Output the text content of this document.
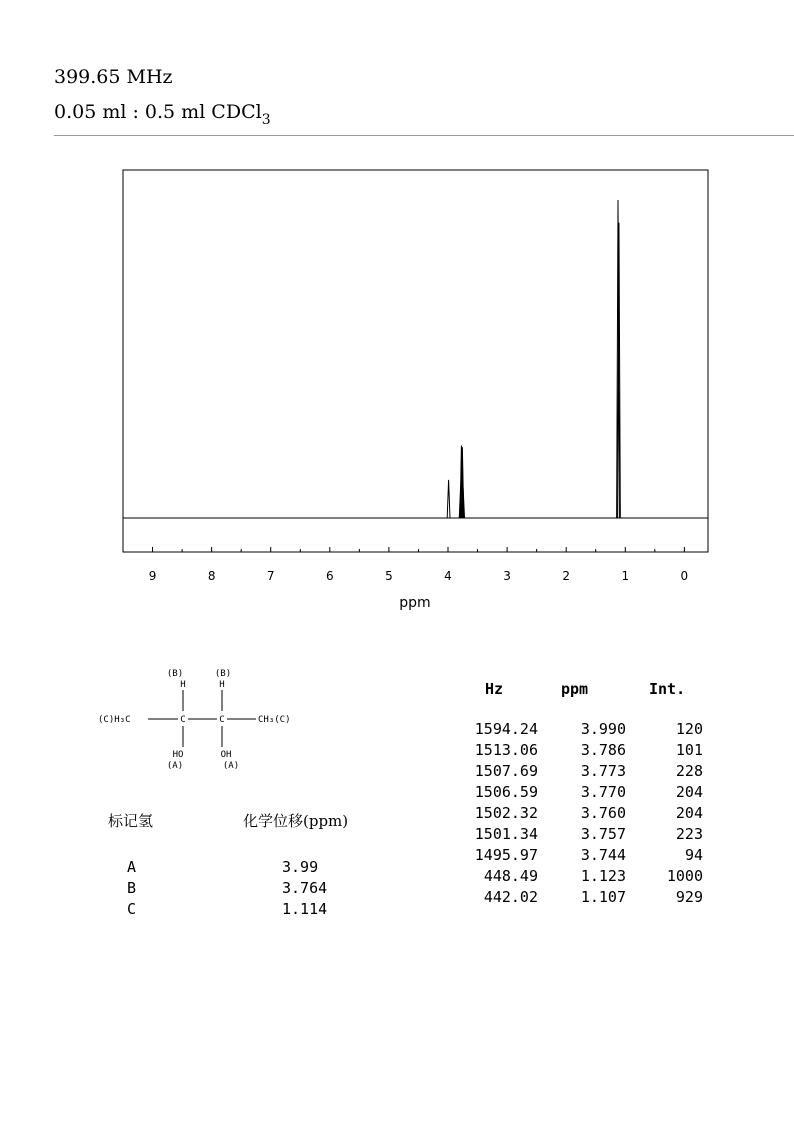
399.65 MHz
0.05 ml : 0.5 ml CDCl$_3$
9	8	7	6	5	4	3	2	1	0
ppm
(B)	(B)
H	H
(C)H₃C	C	C	CH₃(C)
HO	OH
(A)	(A)
标记氢	化学位移(ppm)
A	3.99
B	3.764
C	1.114
Hz	ppm	Int.
1594.24	3.990	120
1513.06	3.786	101
1507.69	3.773	228
1506.59	3.770	204
1502.32	3.760	204
1501.34	3.757	223
1495.97	3.744	94
448.49	1.123	1000
442.02	1.107	929
